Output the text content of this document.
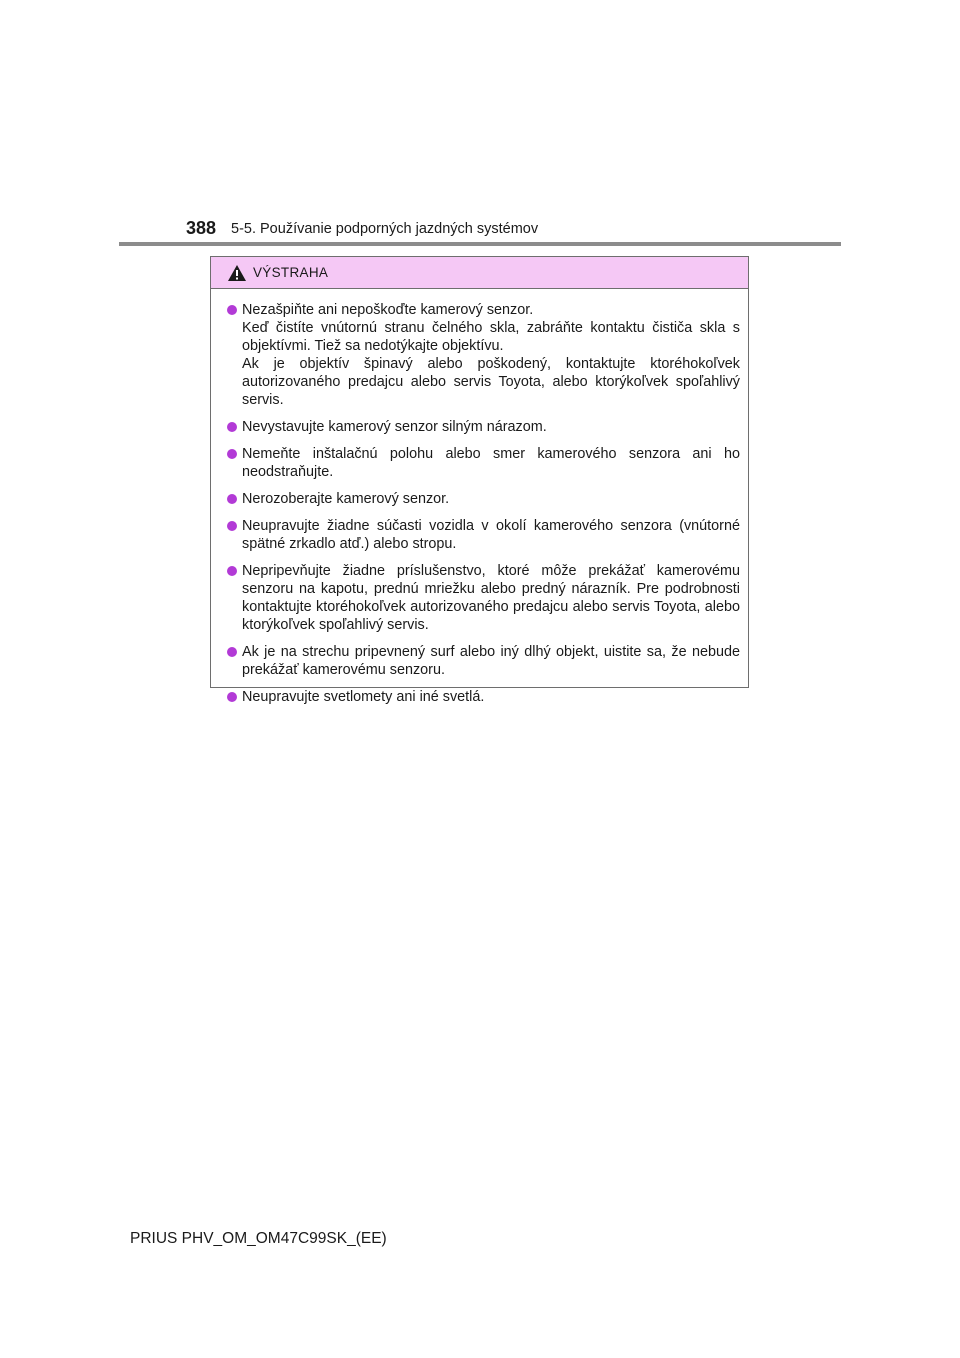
388 5-5. Používanie podporných jazdných systémov
VÝSTRAHA
Nezašpiňte ani nepoškoďte kamerový senzor.
Keď čistíte vnútornú stranu čelného skla, zabráňte kontaktu čističa skla s objektívmi. Tiež sa nedotýkajte objektívu.
Ak je objektív špinavý alebo poškodený, kontaktujte ktoréhokoľvek autorizovaného predajcu alebo servis Toyota, alebo ktorýkoľvek spoľahlivý servis.
Nevystavujte kamerový senzor silným nárazom.
Nemeňte inštalačnú polohu alebo smer kamerového senzora ani ho neodstraňujte.
Nerozoberajte kamerový senzor.
Neupravujte žiadne súčasti vozidla v okolí kamerového senzora (vnútorné spätné zrkadlo atď.) alebo stropu.
Nepripevňujte žiadne príslušenstvo, ktoré môže prekážať kamerovému senzoru na kapotu, prednú mriežku alebo predný nárazník. Pre podrobnosti kontaktujte ktoréhokoľvek autorizovaného predajcu alebo servis Toyota, alebo ktorýkoľvek spoľahlivý servis.
Ak je na strechu pripevnený surf alebo iný dlhý objekt, uistite sa, že nebude prekážať kamerovému senzoru.
Neupravujte svetlomety ani iné svetlá.
PRIUS PHV_OM_OM47C99SK_(EE)
